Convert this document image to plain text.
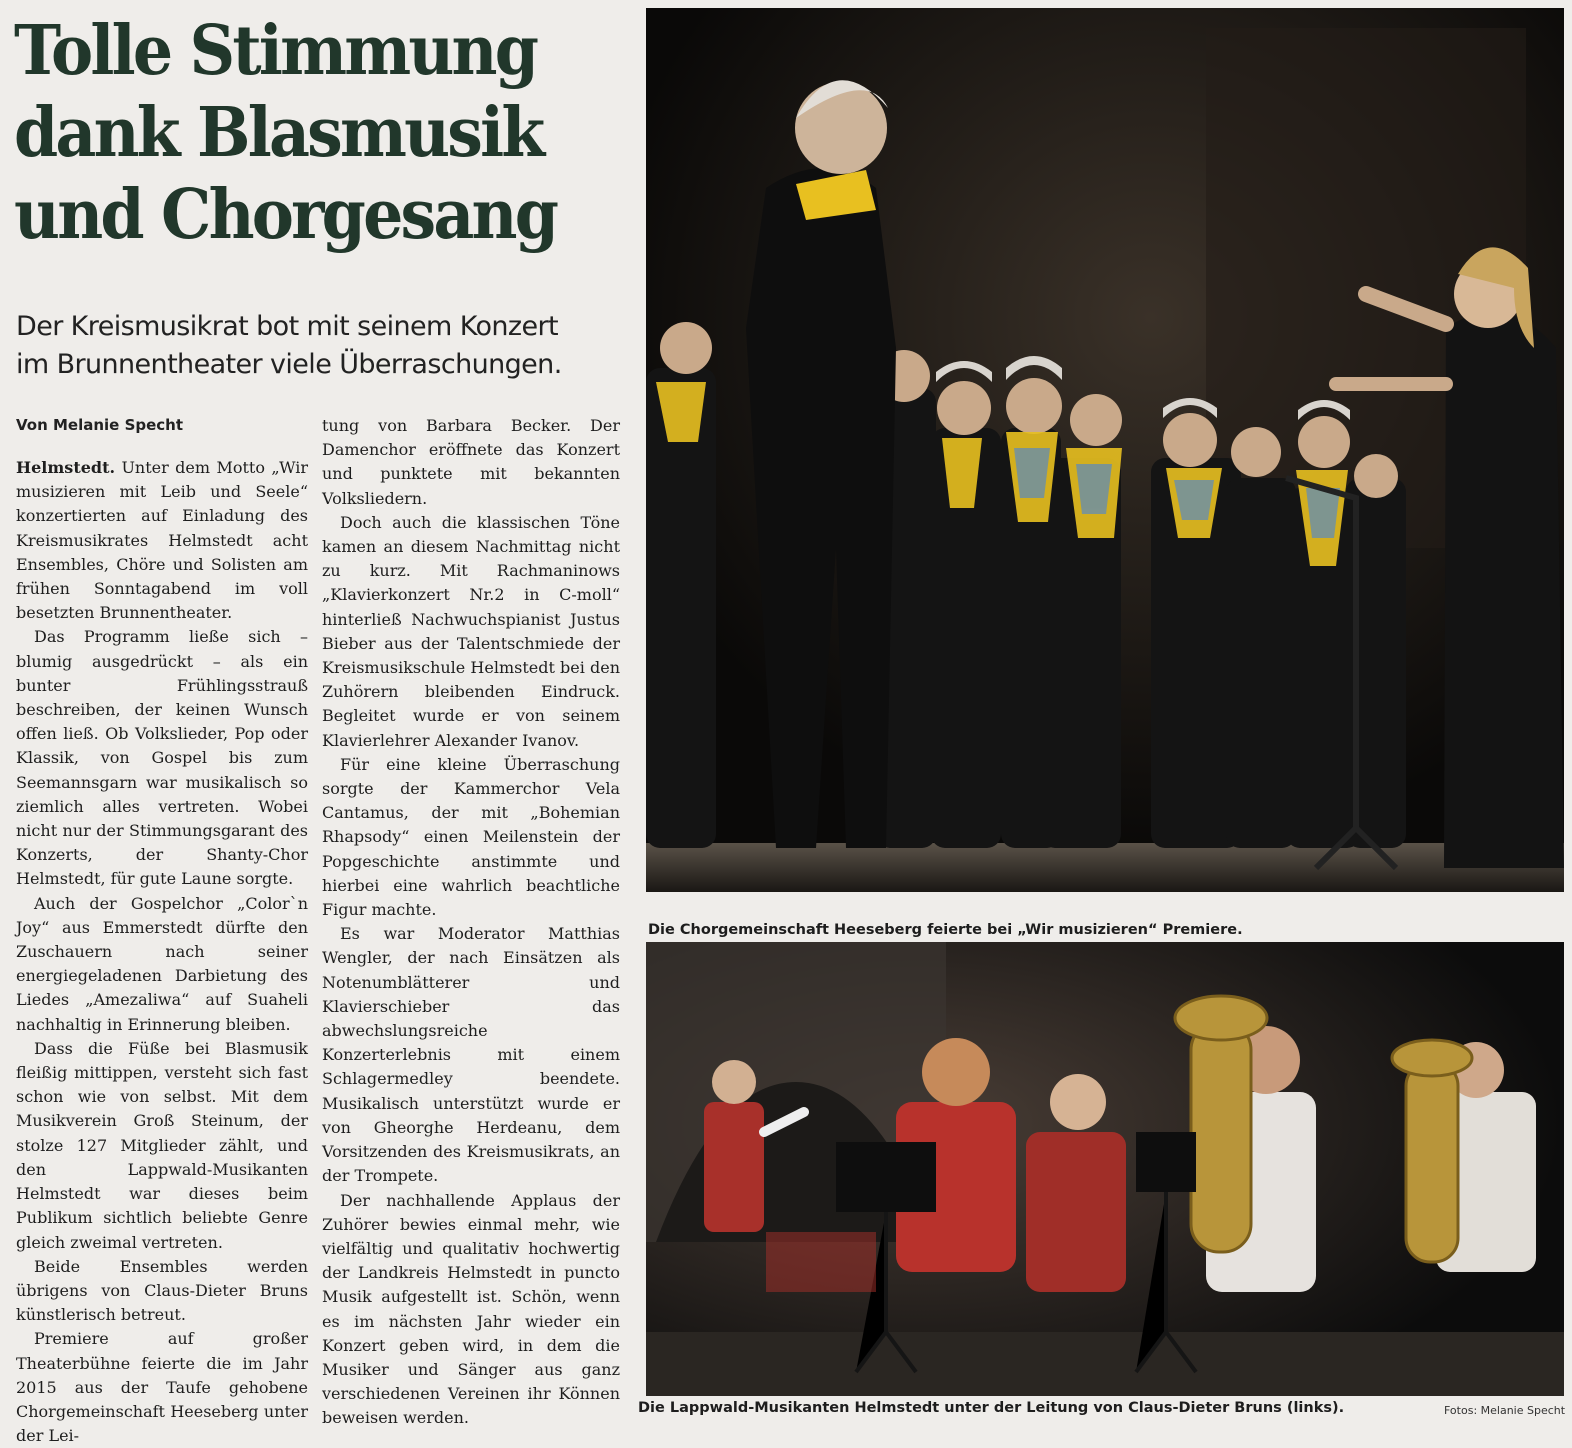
Tolle Stimmung
dank Blasmusik
und Chorgesang
Der Kreismusikrat bot mit seinem Konzert
im Brunnentheater viele Überraschungen.
Von Melanie Specht

Helmstedt. Unter dem Motto „Wir musizieren mit Leib und Seele“ konzertierten auf Einladung des Kreismusikrates Helmstedt acht Ensembles, Chöre und Solisten am frühen Sonntagabend im voll besetzten Brunnentheater.

Das Programm ließe sich – blumig ausgedrückt – als ein bunter Frühlingsstrauß beschreiben, der keinen Wunsch offen ließ. Ob Volkslieder, Pop oder Klassik, von Gospel bis zum Seemannsgarn war musikalisch so ziemlich alles vertreten. Wobei nicht nur der Stimmungsgarant des Konzerts, der Shanty-Chor Helmstedt, für gute Laune sorgte.

Auch der Gospelchor „Color`n Joy“ aus Emmerstedt dürfte den Zuschauern nach seiner energiegeladenen Darbietung des Liedes „Amezaliwa“ auf Suaheli nachhaltig in Erinnerung bleiben.

Dass die Füße bei Blasmusik fleißig mittippen, versteht sich fast schon wie von selbst. Mit dem Musikverein Groß Steinum, der stolze 127 Mitglieder zählt, und den Lappwald-Musikanten Helmstedt war dieses beim Publikum sichtlich beliebte Genre gleich zweimal vertreten.

Beide Ensembles werden übrigens von Claus-Dieter Bruns künstlerisch betreut.

Premiere auf großer Theaterbühne feierte die im Jahr 2015 aus der Taufe gehobene Chorgemeinschaft Heeseberg unter der Lei-

tung von Barbara Becker. Der Damenchor eröffnete das Konzert und punktete mit bekannten Volksliedern.

Doch auch die klassischen Töne kamen an diesem Nachmittag nicht zu kurz. Mit Rachmaninows „Klavierkonzert Nr.2 in C-moll“ hinterließ Nachwuchspianist Justus Bieber aus der Talentschmiede der Kreismusikschule Helmstedt bei den Zuhörern bleibenden Eindruck. Begleitet wurde er von seinem Klavierlehrer Alexander Ivanov.

Für eine kleine Überraschung sorgte der Kammerchor Vela Cantamus, der mit „Bohemian Rhapsody“ einen Meilenstein der Popgeschichte anstimmte und hierbei eine wahrlich beachtliche Figur machte.

Es war Moderator Matthias Wengler, der nach Einsätzen als Notenumblätterer und Klavierschieber das abwechslungsreiche Konzerterlebnis mit einem Schlagermedley beendete. Musikalisch unterstützt wurde er von Gheorghe Herdeanu, dem Vorsitzenden des Kreismusikrats, an der Trompete.

Der nachhallende Applaus der Zuhörer bewies einmal mehr, wie vielfältig und qualitativ hochwertig der Landkreis Helmstedt in puncto Musik aufgestellt ist. Schön, wenn es im nächsten Jahr wieder ein Konzert geben wird, in dem die Musiker und Sänger aus ganz verschiedenen Vereinen ihr Können beweisen werden.

Die Chorgemeinschaft Heeseberg feierte bei „Wir musizieren“ Premiere.
Die Lappwald-Musikanten Helmstedt unter der Leitung von Claus-Dieter Bruns (links).	Fotos: Melanie Specht
